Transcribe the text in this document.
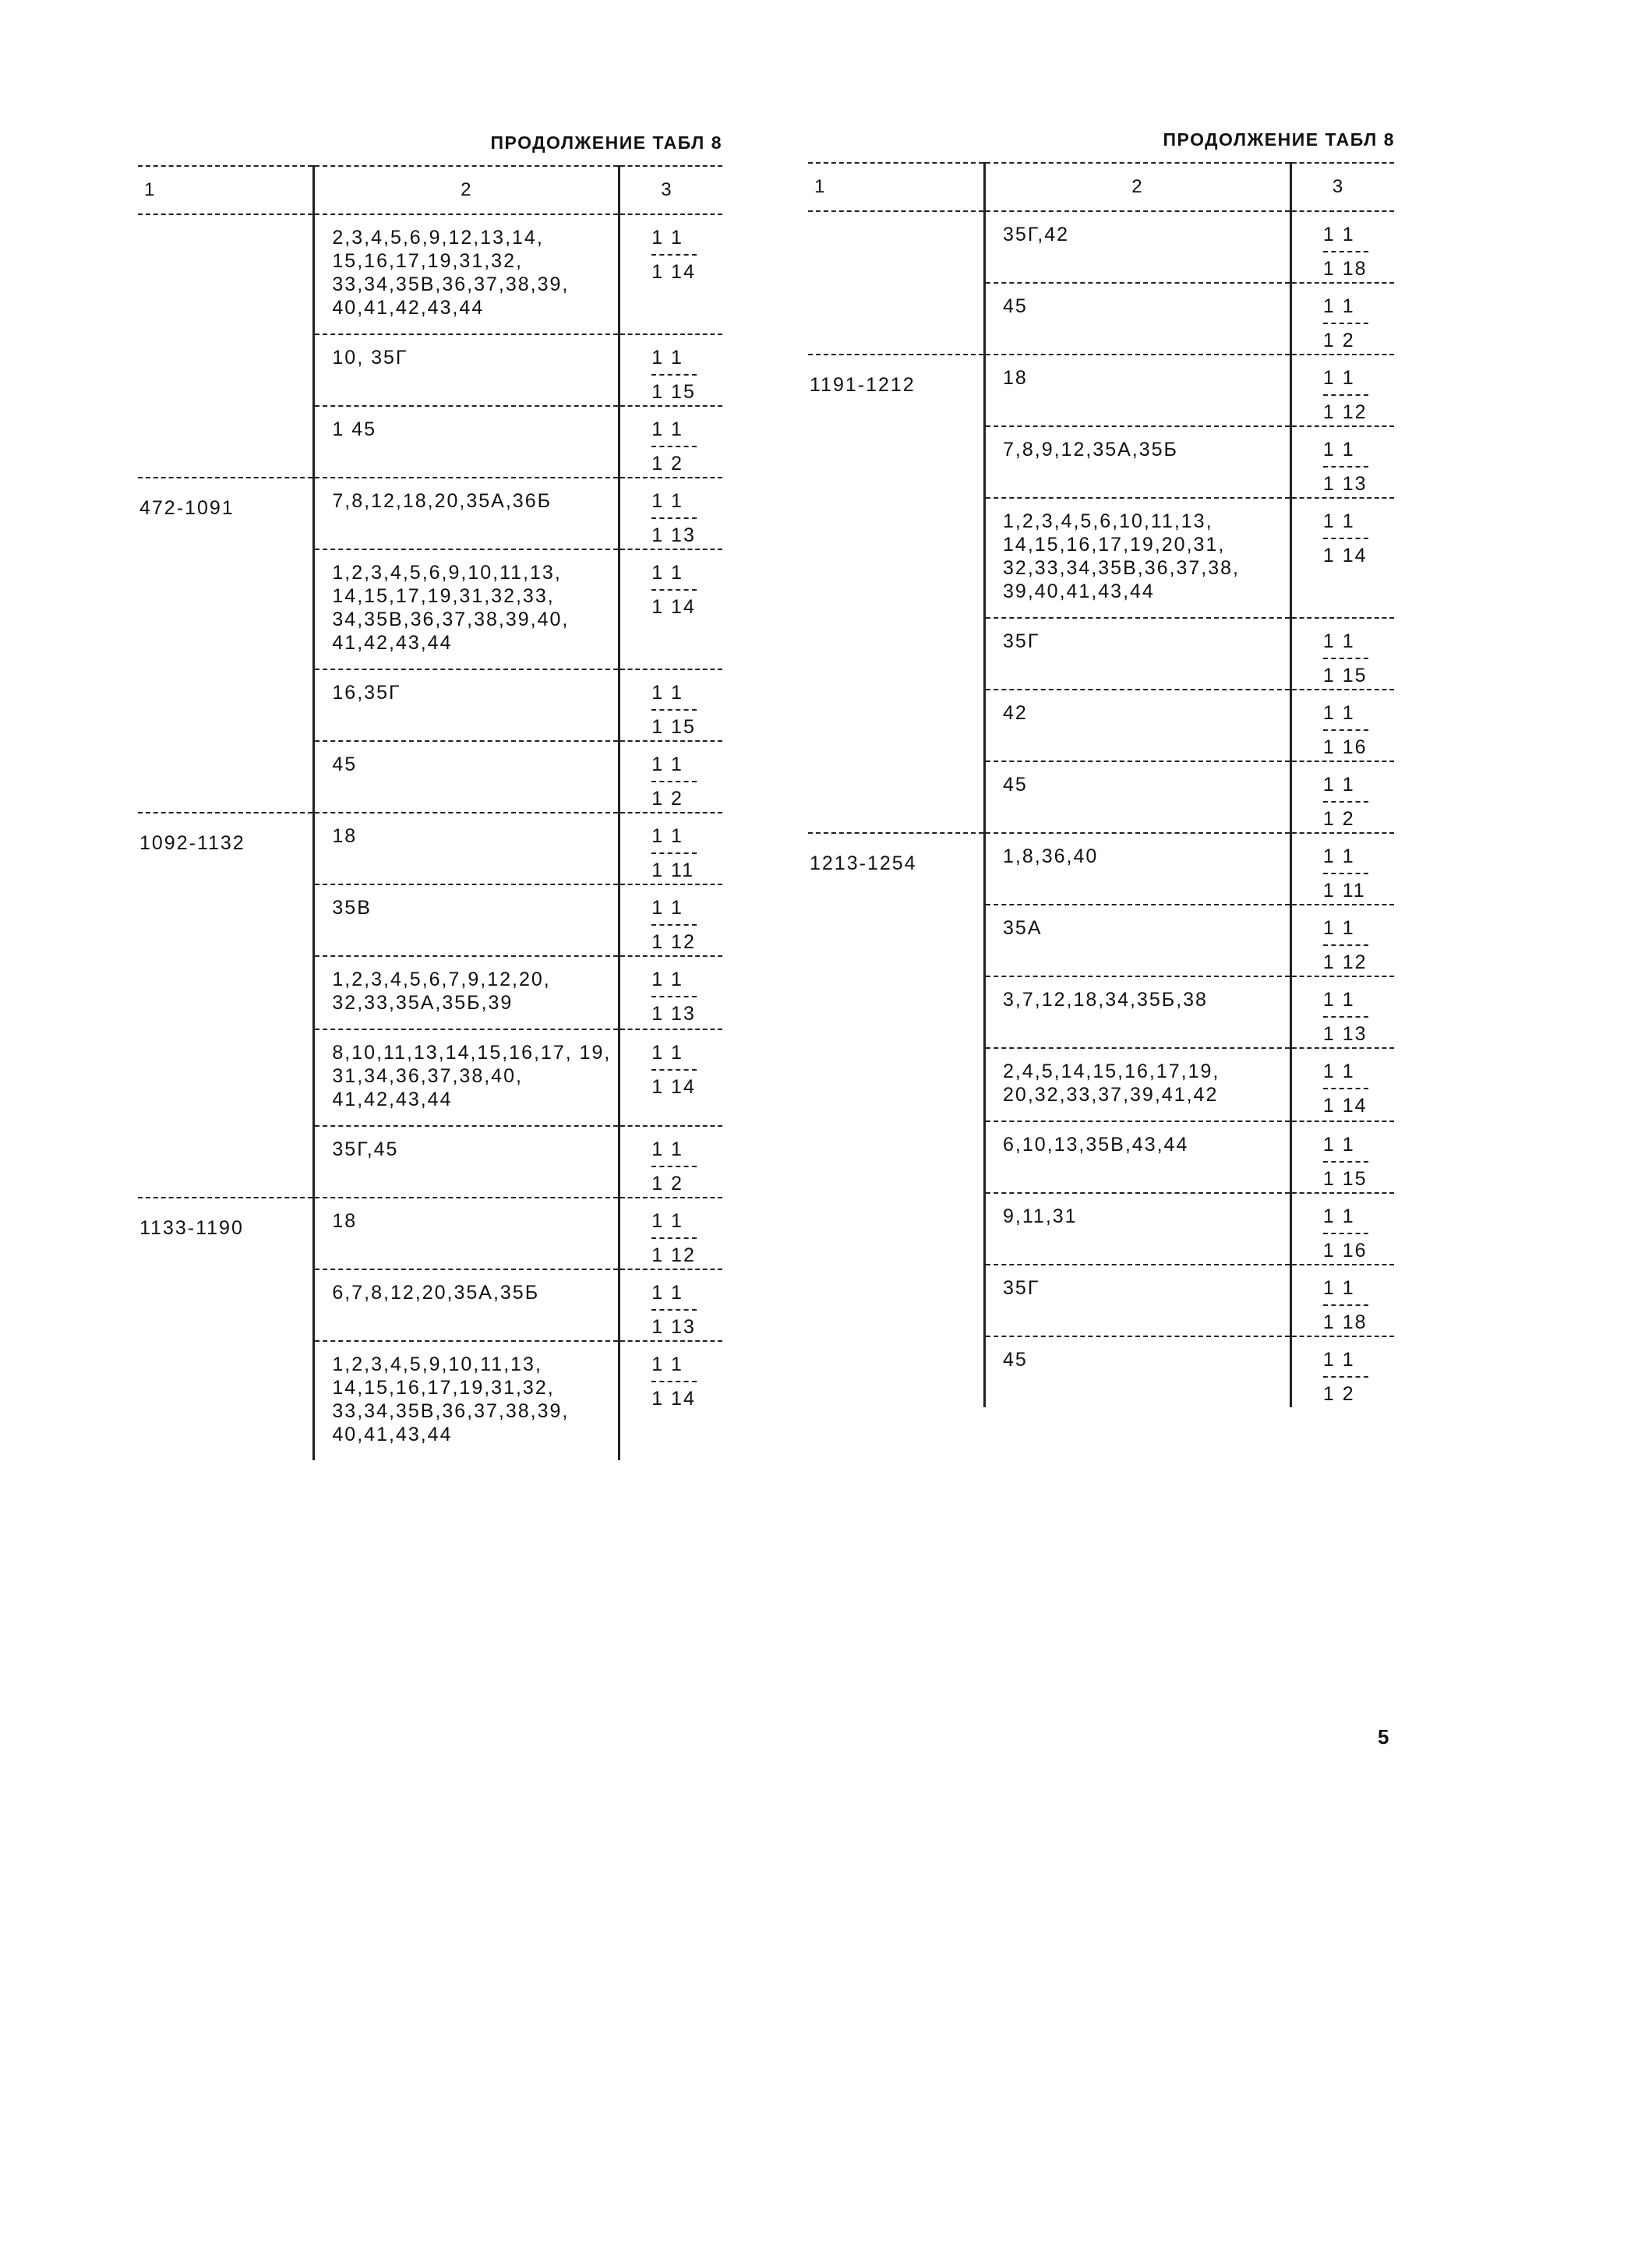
ПРОДОЛЖЕНИЕ ТАБЛ 8
1	2	3

	2,3,4,5,6,9,12,13,14, 15,16,17,19,31,32, 33,34,35В,36,37,38,39, 40,41,42,43,44	$\frac{1 1}{1 14}$

	10, 35Г	$\frac{1 1}{1 15}$

	1 45	$\frac{1 1}{1 2}$

472-1091	7,8,12,18,20,35А,36Б	$\frac{1 1}{1 13}$

	1,2,3,4,5,6,9,10,11,13, 14,15,17,19,31,32,33, 34,35В,36,37,38,39,40, 41,42,43,44	$\frac{1 1}{1 14}$

	16,35Г	$\frac{1 1}{1 15}$

	45	$\frac{1 1}{1 2}$

1092-1132	18	$\frac{1 1}{1 11}$

	35В	$\frac{1 1}{1 12}$

	1,2,3,4,5,6,7,9,12,20, 32,33,35А,35Б,39	$\frac{1 1}{1 13}$

	8,10,11,13,14,15,16,17, 19, 31,34,36,37,38,40, 41,42,43,44	$\frac{1 1}{1 14}$

	35Г,45	$\frac{1 1}{1 2}$

1133-1190	18	$\frac{1 1}{1 12}$

	6,7,8,12,20,35А,35Б	$\frac{1 1}{1 13}$

	1,2,3,4,5,9,10,11,13, 14,15,16,17,19,31,32, 33,34,35В,36,37,38,39, 40,41,43,44	$\frac{1 1}{1 14}$
ПРОДОЛЖЕНИЕ ТАБЛ 8
1	2	3

	35Г,42	$\frac{1 1}{1 18}$

	45	$\frac{1 1}{1 2}$

1191-1212	18	$\frac{1 1}{1 12}$

	7,8,9,12,35А,35Б	$\frac{1 1}{1 13}$

	1,2,3,4,5,6,10,11,13, 14,15,16,17,19,20,31, 32,33,34,35В,36,37,38, 39,40,41,43,44	$\frac{1 1}{1 14}$

	35Г	$\frac{1 1}{1 15}$

	42	$\frac{1 1}{1 16}$

	45	$\frac{1 1}{1 2}$

1213-1254	1,8,36,40	$\frac{1 1}{1 11}$

	35А	$\frac{1 1}{1 12}$

	3,7,12,18,34,35Б,38	$\frac{1 1}{1 13}$

	2,4,5,14,15,16,17,19, 20,32,33,37,39,41,42	$\frac{1 1}{1 14}$

	6,10,13,35В,43,44	$\frac{1 1}{1 15}$

	9,11,31	$\frac{1 1}{1 16}$

	35Г	$\frac{1 1}{1 18}$

	45	$\frac{1 1}{1 2}$
5
